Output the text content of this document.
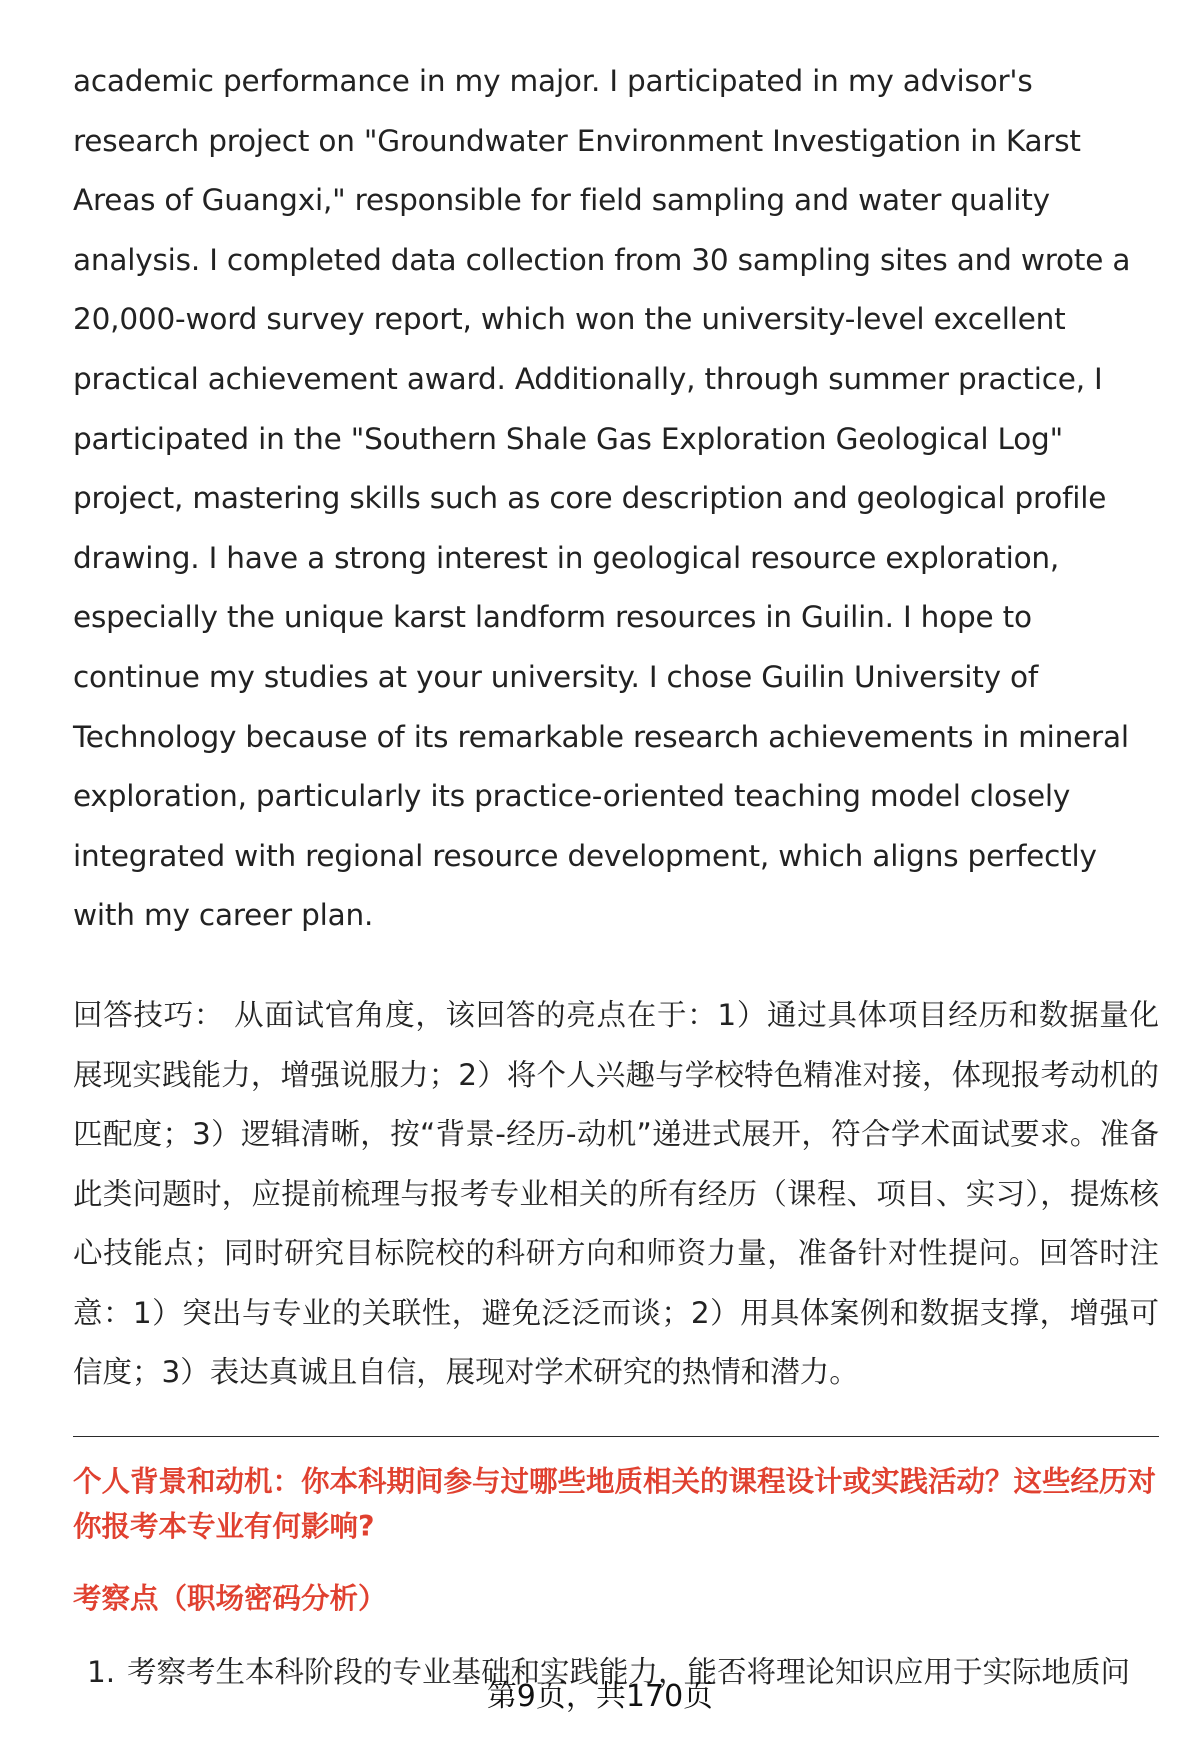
academic performance in my major. I participated in my advisor's research project on "Groundwater Environment Investigation in Karst Areas of Guangxi," responsible for field sampling and water quality analysis. I completed data collection from 30 sampling sites and wrote a 20,000-word survey report, which won the university-level excellent practical achievement award. Additionally, through summer practice, I participated in the "Southern Shale Gas Exploration Geological Log" project, mastering skills such as core description and geological profile drawing. I have a strong interest in geological resource exploration, especially the unique karst landform resources in Guilin. I hope to continue my studies at your university. I chose Guilin University of Technology because of its remarkable research achievements in mineral exploration, particularly its practice-oriented teaching model closely integrated with regional resource development, which aligns perfectly with my career plan.

回答技巧： 从面试官角度，该回答的亮点在于：1）通过具体项目经历和数据量化展现实践能力，增强说服力；2）将个人兴趣与学校特色精准对接，体现报考动机的匹配度；3）逻辑清晰，按“背景-经历-动机”递进式展开，符合学术面试要求。准备此类问题时，应提前梳理与报考专业相关的所有经历（课程、项目、实习），提炼核心技能点；同时研究目标院校的科研方向和师资力量，准备针对性提问。回答时注意：1）突出与专业的关联性，避免泛泛而谈；2）用具体案例和数据支撑，增强可信度；3）表达真诚且自信，展现对学术研究的热情和潜力。

个人背景和动机：你本科期间参与过哪些地质相关的课程设计或实践活动？这些经历对你报考本专业有何影响?

考察点（职场密码分析）

1. 考察考生本科阶段的专业基础和实践能力，能否将理论知识应用于实际地质问
第9页，共170页
